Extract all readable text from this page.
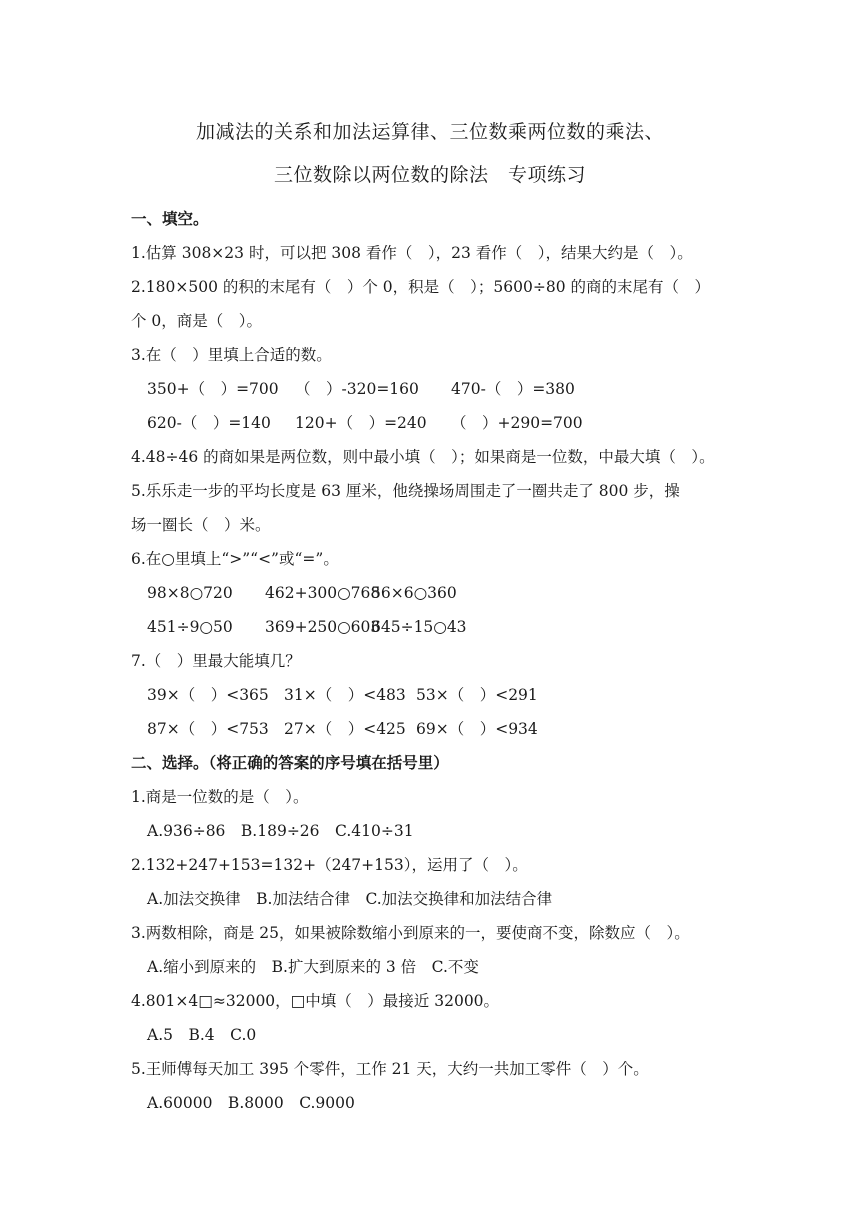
加减法的关系和加法运算律、三位数乘两位数的乘法、
三位数除以两位数的除法　专项练习
一、填空。
1.估算 308×23 时，可以把 308 看作（　），23 看作（　），结果大约是（　）。
2.180×500 的积的末尾有（　）个 0，积是（　）；5600÷80 的商的末尾有（　）
个 0，商是（　）。
3.在（　）里填上合适的数。
350+（　）=700 （　）-320=160 470-（　）=380
620-（　）=140 120+（　）=240 （　）+290=700
4.48÷46 的商如果是两位数，则中最小填（　）；如果商是一位数，中最大填（　）。
5.乐乐走一步的平均长度是 63 厘米，他绕操场周围走了一圈共走了 800 步，操
场一圈长（　）米。
6.在○里填上“>”“<”或“=”。
98×8○720 462+300○76856×6○360
451÷9○50 369+250○603645÷15○43
7.（　）里最大能填几？
39×（　）<365 31×（　）<483 53×（　）<291
87×（　）<753 27×（　）<425 69×（　）<934
二、选择。（将正确的答案的序号填在括号里）
1.商是一位数的是（　）。
A.936÷86　B.189÷26　C.410÷31
2.132+247+153=132+（247+153），运用了（　）。
A.加法交换律　B.加法结合律　C.加法交换律和加法结合律
3.两数相除，商是 25，如果被除数缩小到原来的一，要使商不变，除数应（　）。
A.缩小到原来的　B.扩大到原来的 3 倍　C.不变
4.801×4□≈32000，□中填（　）最接近 32000。
A.5　B.4　C.0
5.王师傅每天加工 395 个零件，工作 21 天，大约一共加工零件（　）个。
A.60000　B.8000　C.9000
